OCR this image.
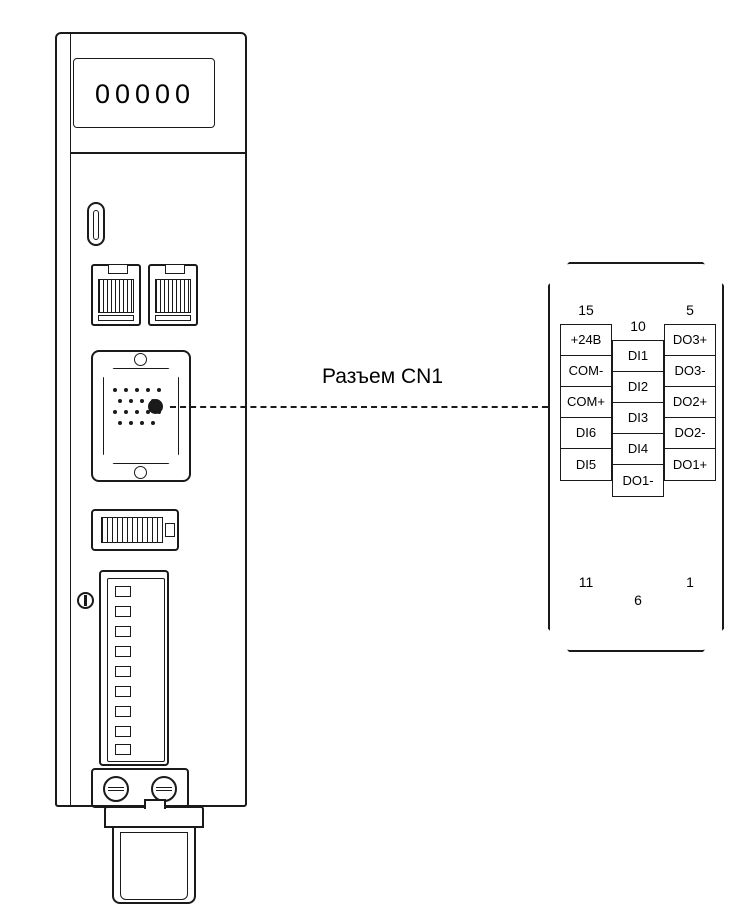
00000
Разъем CN1
15
10
5
11
6
1
+24B
COM-
COM+
DI6
DI5
DI1
DI2
DI3
DI4
DO1-
DO3+
DO3-
DO2+
DO2-
DO1+
